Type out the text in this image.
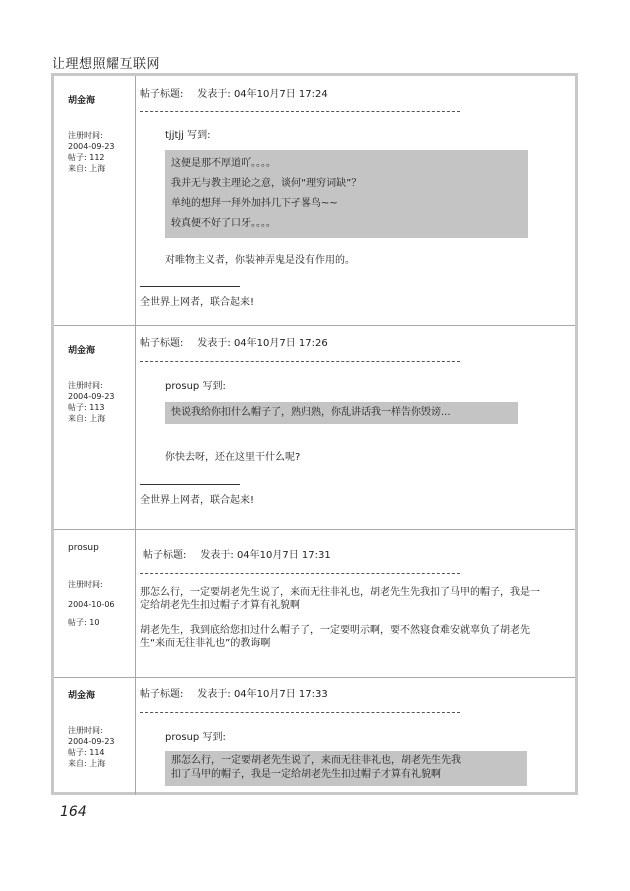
让理想照耀互联网
胡金海
注册时间:
2004-09-23
帖子: 112
来自: 上海
帖子标题: 发表于: 04年10月7日 17:24
tjjtjj 写到:
这便是那不厚道吖。。。。
我并无与教主理论之意，谈何“理穷词缺”？
单纯的想拜一拜外加抖几下孑畧鸟~~
较真便不好了口牙。。。。
对唯物主义者，你装神弄鬼是没有作用的。
全世界上网者，联合起来!
胡金海
注册时间:
2004-09-23
帖子: 113
来自: 上海
帖子标题: 发表于: 04年10月7日 17:26
prosup 写到:
快说我给你扣什么帽子了，熟归熟，你乱讲话我一样告你毁谤...
你快去呀，还在这里干什么呢?
全世界上网者，联合起来!
prosup
注册时间:
2004-10-06
帖子: 10
帖子标题: 发表于: 04年10月7日 17:31
那怎么行，一定要胡老先生说了，来而无往非礼也，胡老先生先我扣了马甲的帽子，我是一定给胡老先生扣过帽子才算有礼貌啊
胡老先生，我到底给您扣过什么帽子了，一定要明示啊，要不然寝食难安就辜负了胡老先生“来而无往非礼也”的教诲啊
胡金海
注册时间:
2004-09-23
帖子: 114
来自: 上海
帖子标题: 发表于: 04年10月7日 17:33
prosup 写到:
那怎么行，一定要胡老先生说了，来而无往非礼也，胡老先生先我
扣了马甲的帽子，我是一定给胡老先生扣过帽子才算有礼貌啊
164
